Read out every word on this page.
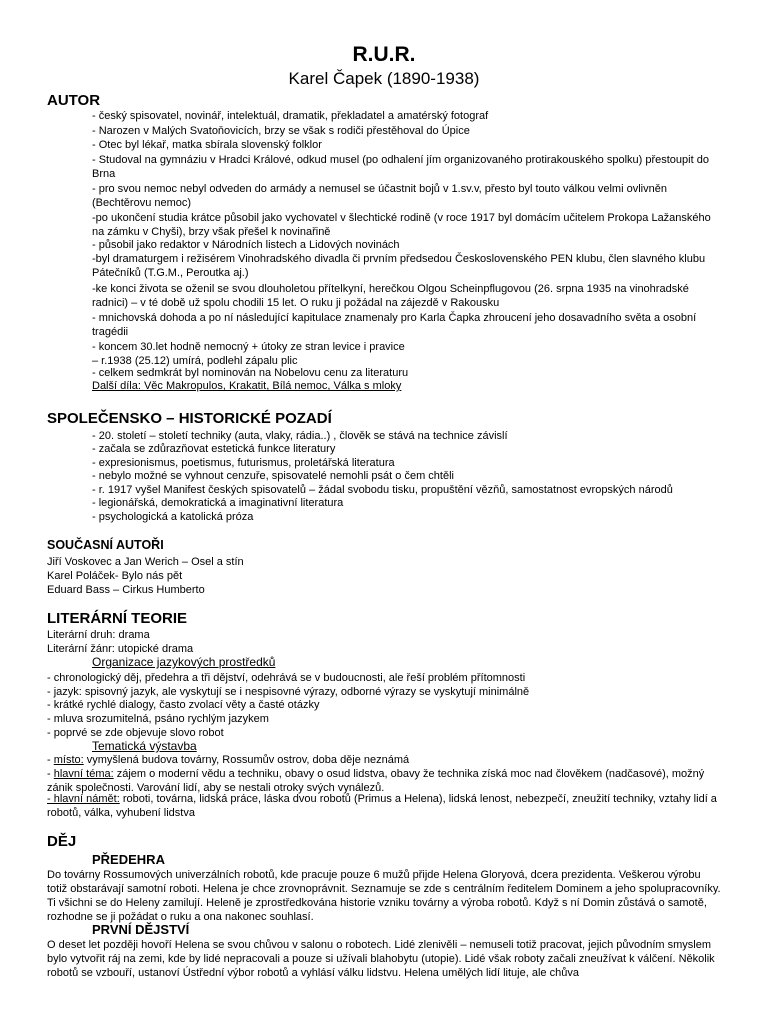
R.U.R.
Karel Čapek (1890-1938)
AUTOR
- český spisovatel, novinář, intelektuál, dramatik, překladatel a amatérský fotograf
- Narozen v Malých Svatoňovicích, brzy se však s rodiči přestěhoval do Úpice
- Otec byl lékař, matka sbírala slovenský folklor
- Studoval na gymnáziu v Hradci Králové, odkud musel (po odhalení jím organizovaného protirakouského spolku) přestoupit do Brna
- pro svou nemoc nebyl odveden do armády a nemusel se účastnit bojů v 1.sv.v, přesto byl touto válkou velmi ovlivněn (Bechtěrovu nemoc)
-po ukončení studia krátce působil jako vychovatel v šlechtické rodině (v roce 1917 byl domácím učitelem Prokopa Lažanského na zámku v Chyši), brzy však přešel k novinařině
- působil jako redaktor v Národních listech a Lidových novinách
-byl dramaturgem i režisérem Vinohradského divadla či prvním předsedou Československého PEN klubu, člen slavného klubu Pátečníků (T.G.M., Peroutka aj.)
-ke konci života se oženil se svou dlouholetou přítelkyní, herečkou Olgou Scheinpflugovou (26. srpna 1935 na vinohradské radnici) – v té době už spolu chodili 15 let. O ruku ji požádal na zájezdě v Rakousku
- mnichovská dohoda a po ní následující kapitulace znamenaly pro Karla Čapka zhroucení jeho dosavadního světa a osobní tragédii
- koncem 30.let hodně nemocný + útoky ze stran levice i pravice
– r.1938 (25.12) umírá, podlehl zápalu plic
- celkem sedmkrát byl nominován na Nobelovu cenu za literaturu
Další díla: Věc Makropulos, Krakatit, Bílá nemoc, Válka s mloky
SPOLEČENSKO – HISTORICKÉ POZADÍ
- 20. století – století techniky (auta, vlaky, rádia..) , člověk se stává na technice závislí
- začala se zdůrazňovat estetická funkce literatury
- expresionismus, poetismus, futurismus, proletářská literatura
- nebylo možné se vyhnout cenzuře, spisovatelé nemohli psát o čem chtěli
- r. 1917 vyšel Manifest českých spisovatelů – žádal svobodu tisku, propuštění vězňů, samostatnost evropských národů
- legionářská, demokratická a imaginativní literatura
- psychologická a katolická próza
SOUČASNÍ AUTOŘI
Jiří Voskovec a Jan Werich – Osel a stín
Karel Poláček- Bylo nás pět
Eduard Bass – Cirkus Humberto
LITERÁRNÍ TEORIE
Literární druh: drama
Literární žánr: utopické drama
Organizace jazykových prostředků
- chronologický děj, předehra a tři dějství, odehrává se v budoucnosti, ale řeší problém přítomnosti
- jazyk: spisovný jazyk, ale vyskytují se i nespisovné výrazy, odborné výrazy se vyskytují minimálně
- krátké rychlé dialogy, často zvolací věty a časté otázky
- mluva srozumitelná, psáno rychlým jazykem
- poprvé se zde objevuje slovo robot
Tematická výstavba
- místo: vymyšlená budova továrny, Rossumův ostrov, doba děje neznámá
- hlavní téma: zájem o moderní vědu a techniku, obavy o osud lidstva, obavy že technika získá moc nad člověkem (nadčasové), možný zánik společnosti. Varování lidí, aby se nestali otroky svých vynálezů.
- hlavní námět: roboti, továrna, lidská práce, láska dvou robotů (Primus a Helena), lidská lenost, nebezpečí, zneužití techniky, vztahy lidí a robotů, válka, vyhubení lidstva
DĚJ
PŘEDEHRA
Do továrny Rossumových univerzálních robotů, kde pracuje pouze 6 mužů přijde Helena Gloryová, dcera prezidenta. Veškerou výrobu totiž obstarávají samotní roboti. Helena je chce zrovnoprávnit. Seznamuje se zde s centrálním ředitelem Dominem a jeho spolupracovníky. Ti všichni se do Heleny zamilují. Heleně je zprostředkována historie vzniku továrny a výroba robotů. Když s ní Domin zůstává o samotě, rozhodne se ji požádat o ruku a ona nakonec souhlasí.
PRVNÍ DĚJSTVÍ
O deset let později hovoří Helena se svou chůvou v salonu o robotech. Lidé zlenivěli – nemuseli totiž pracovat, jejich původním smyslem bylo vytvořit ráj na zemi, kde by lidé nepracovali a pouze si užívali blahobytu (utopie). Lidé však roboty začali zneužívat k válčení. Několik robotů se vzbouří, ustanoví Ústřední výbor robotů a vyhlásí válku lidstvu. Helena umělých lidí lituje, ale chůva
